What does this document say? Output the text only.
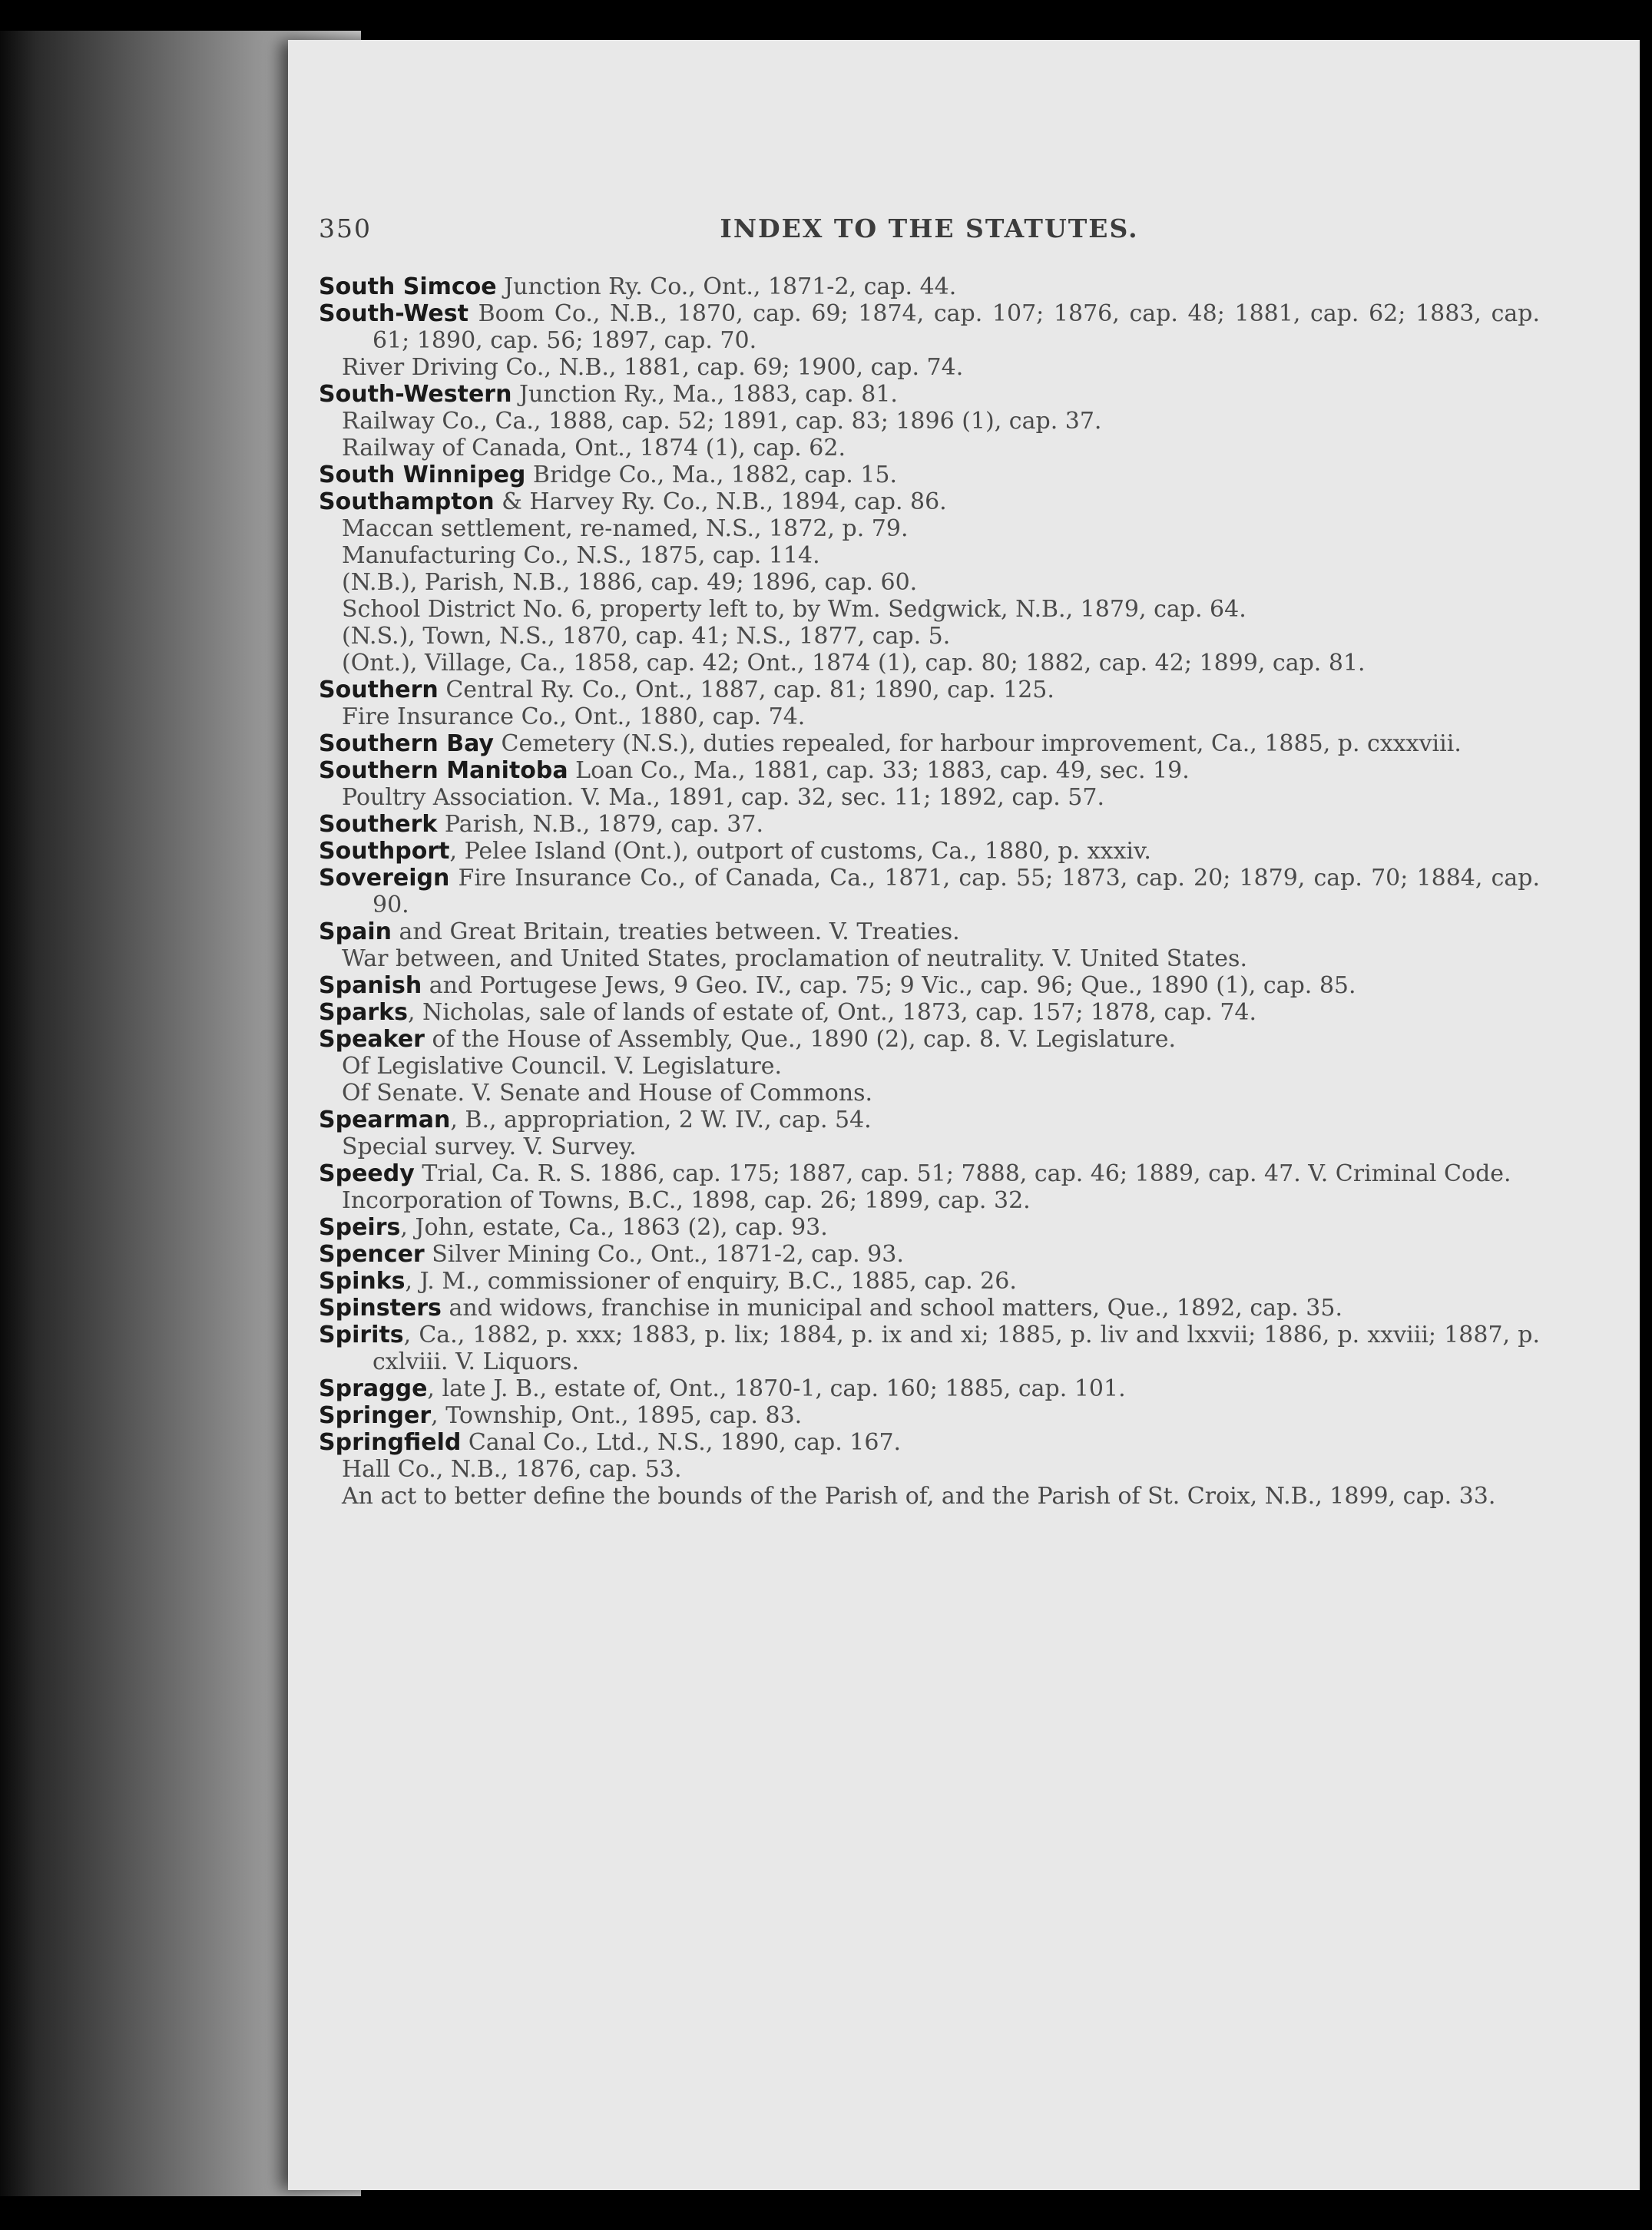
350	INDEX TO THE STATUTES.
South Simcoe Junction Ry. Co., Ont., 1871-2, cap. 44.
South-West Boom Co., N.B., 1870, cap. 69; 1874, cap. 107; 1876, cap. 48; 1881, cap. 62; 1883, cap. 61; 1890, cap. 56; 1897, cap. 70.
River Driving Co., N.B., 1881, cap. 69; 1900, cap. 74.
South-Western Junction Ry., Ma., 1883, cap. 81.
Railway Co., Ca., 1888, cap. 52; 1891, cap. 83; 1896 (1), cap. 37.
Railway of Canada, Ont., 1874 (1), cap. 62.
South Winnipeg Bridge Co., Ma., 1882, cap. 15.
Southampton & Harvey Ry. Co., N.B., 1894, cap. 86.
Maccan settlement, re-named, N.S., 1872, p. 79.
Manufacturing Co., N.S., 1875, cap. 114.
(N.B.), Parish, N.B., 1886, cap. 49; 1896, cap. 60.
School District No. 6, property left to, by Wm. Sedgwick, N.B., 1879, cap. 64.
(N.S.), Town, N.S., 1870, cap. 41; N.S., 1877, cap. 5.
(Ont.), Village, Ca., 1858, cap. 42; Ont., 1874 (1), cap. 80; 1882, cap. 42; 1899, cap. 81.
Southern Central Ry. Co., Ont., 1887, cap. 81; 1890, cap. 125.
Fire Insurance Co., Ont., 1880, cap. 74.
Southern Bay Cemetery (N.S.), duties repealed, for harbour improvement, Ca., 1885, p. cxxxviii.
Southern Manitoba Loan Co., Ma., 1881, cap. 33; 1883, cap. 49, sec. 19.
Poultry Association. V. Ma., 1891, cap. 32, sec. 11; 1892, cap. 57.
Southerk Parish, N.B., 1879, cap. 37.
Southport, Pelee Island (Ont.), outport of customs, Ca., 1880, p. xxxiv.
Sovereign Fire Insurance Co., of Canada, Ca., 1871, cap. 55; 1873, cap. 20; 1879, cap. 70; 1884, cap. 90.
Spain and Great Britain, treaties between. V. Treaties.
War between, and United States, proclamation of neutrality. V. United States.
Spanish and Portugese Jews, 9 Geo. IV., cap. 75; 9 Vic., cap. 96; Que., 1890 (1), cap. 85.
Sparks, Nicholas, sale of lands of estate of, Ont., 1873, cap. 157; 1878, cap. 74.
Speaker of the House of Assembly, Que., 1890 (2), cap. 8. V. Legislature.
Of Legislative Council. V. Legislature.
Of Senate. V. Senate and House of Commons.
Spearman, B., appropriation, 2 W. IV., cap. 54.
Special survey. V. Survey.
Speedy Trial, Ca. R. S. 1886, cap. 175; 1887, cap. 51; 7888, cap. 46; 1889, cap. 47. V. Criminal Code.
Incorporation of Towns, B.C., 1898, cap. 26; 1899, cap. 32.
Speirs, John, estate, Ca., 1863 (2), cap. 93.
Spencer Silver Mining Co., Ont., 1871-2, cap. 93.
Spinks, J. M., commissioner of enquiry, B.C., 1885, cap. 26.
Spinsters and widows, franchise in municipal and school matters, Que., 1892, cap. 35.
Spirits, Ca., 1882, p. xxx; 1883, p. lix; 1884, p. ix and xi; 1885, p. liv and lxxvii; 1886, p. xxviii; 1887, p. cxlviii. V. Liquors.
Spragge, late J. B., estate of, Ont., 1870-1, cap. 160; 1885, cap. 101.
Springer, Township, Ont., 1895, cap. 83.
Springfield Canal Co., Ltd., N.S., 1890, cap. 167.
Hall Co., N.B., 1876, cap. 53.
An act to better define the bounds of the Parish of, and the Parish of St. Croix, N.B., 1899, cap. 33.
